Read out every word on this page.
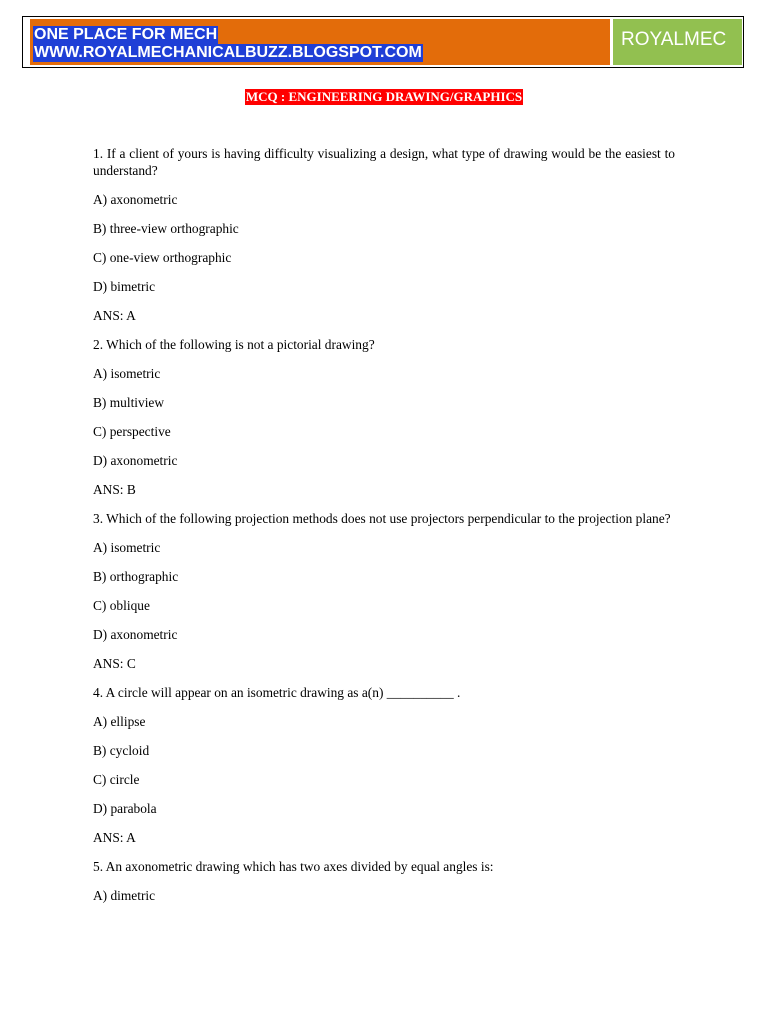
ONE PLACE FOR MECH
WWW.ROYALMECHANICALBUZZ.BLOGSPOT.COM
ROYALMEC
MCQ : ENGINEERING DRAWING/GRAPHICS

1. If a client of yours is having difficulty visualizing a design, what type of drawing would be the easiest to understand?

A) axonometric

B) three-view orthographic

C) one-view orthographic

D) bimetric

ANS: A

2. Which of the following is not a pictorial drawing?

A) isometric

B) multiview

C) perspective

D) axonometric

ANS: B

3. Which of the following projection methods does not use projectors perpendicular to the projection plane?

A) isometric

B) orthographic

C) oblique

D) axonometric

ANS: C

4. A circle will appear on an isometric drawing as a(n) __________ .

A) ellipse

B) cycloid

C) circle

D) parabola

ANS: A

5. An axonometric drawing which has two axes divided by equal angles is:

A) dimetric
